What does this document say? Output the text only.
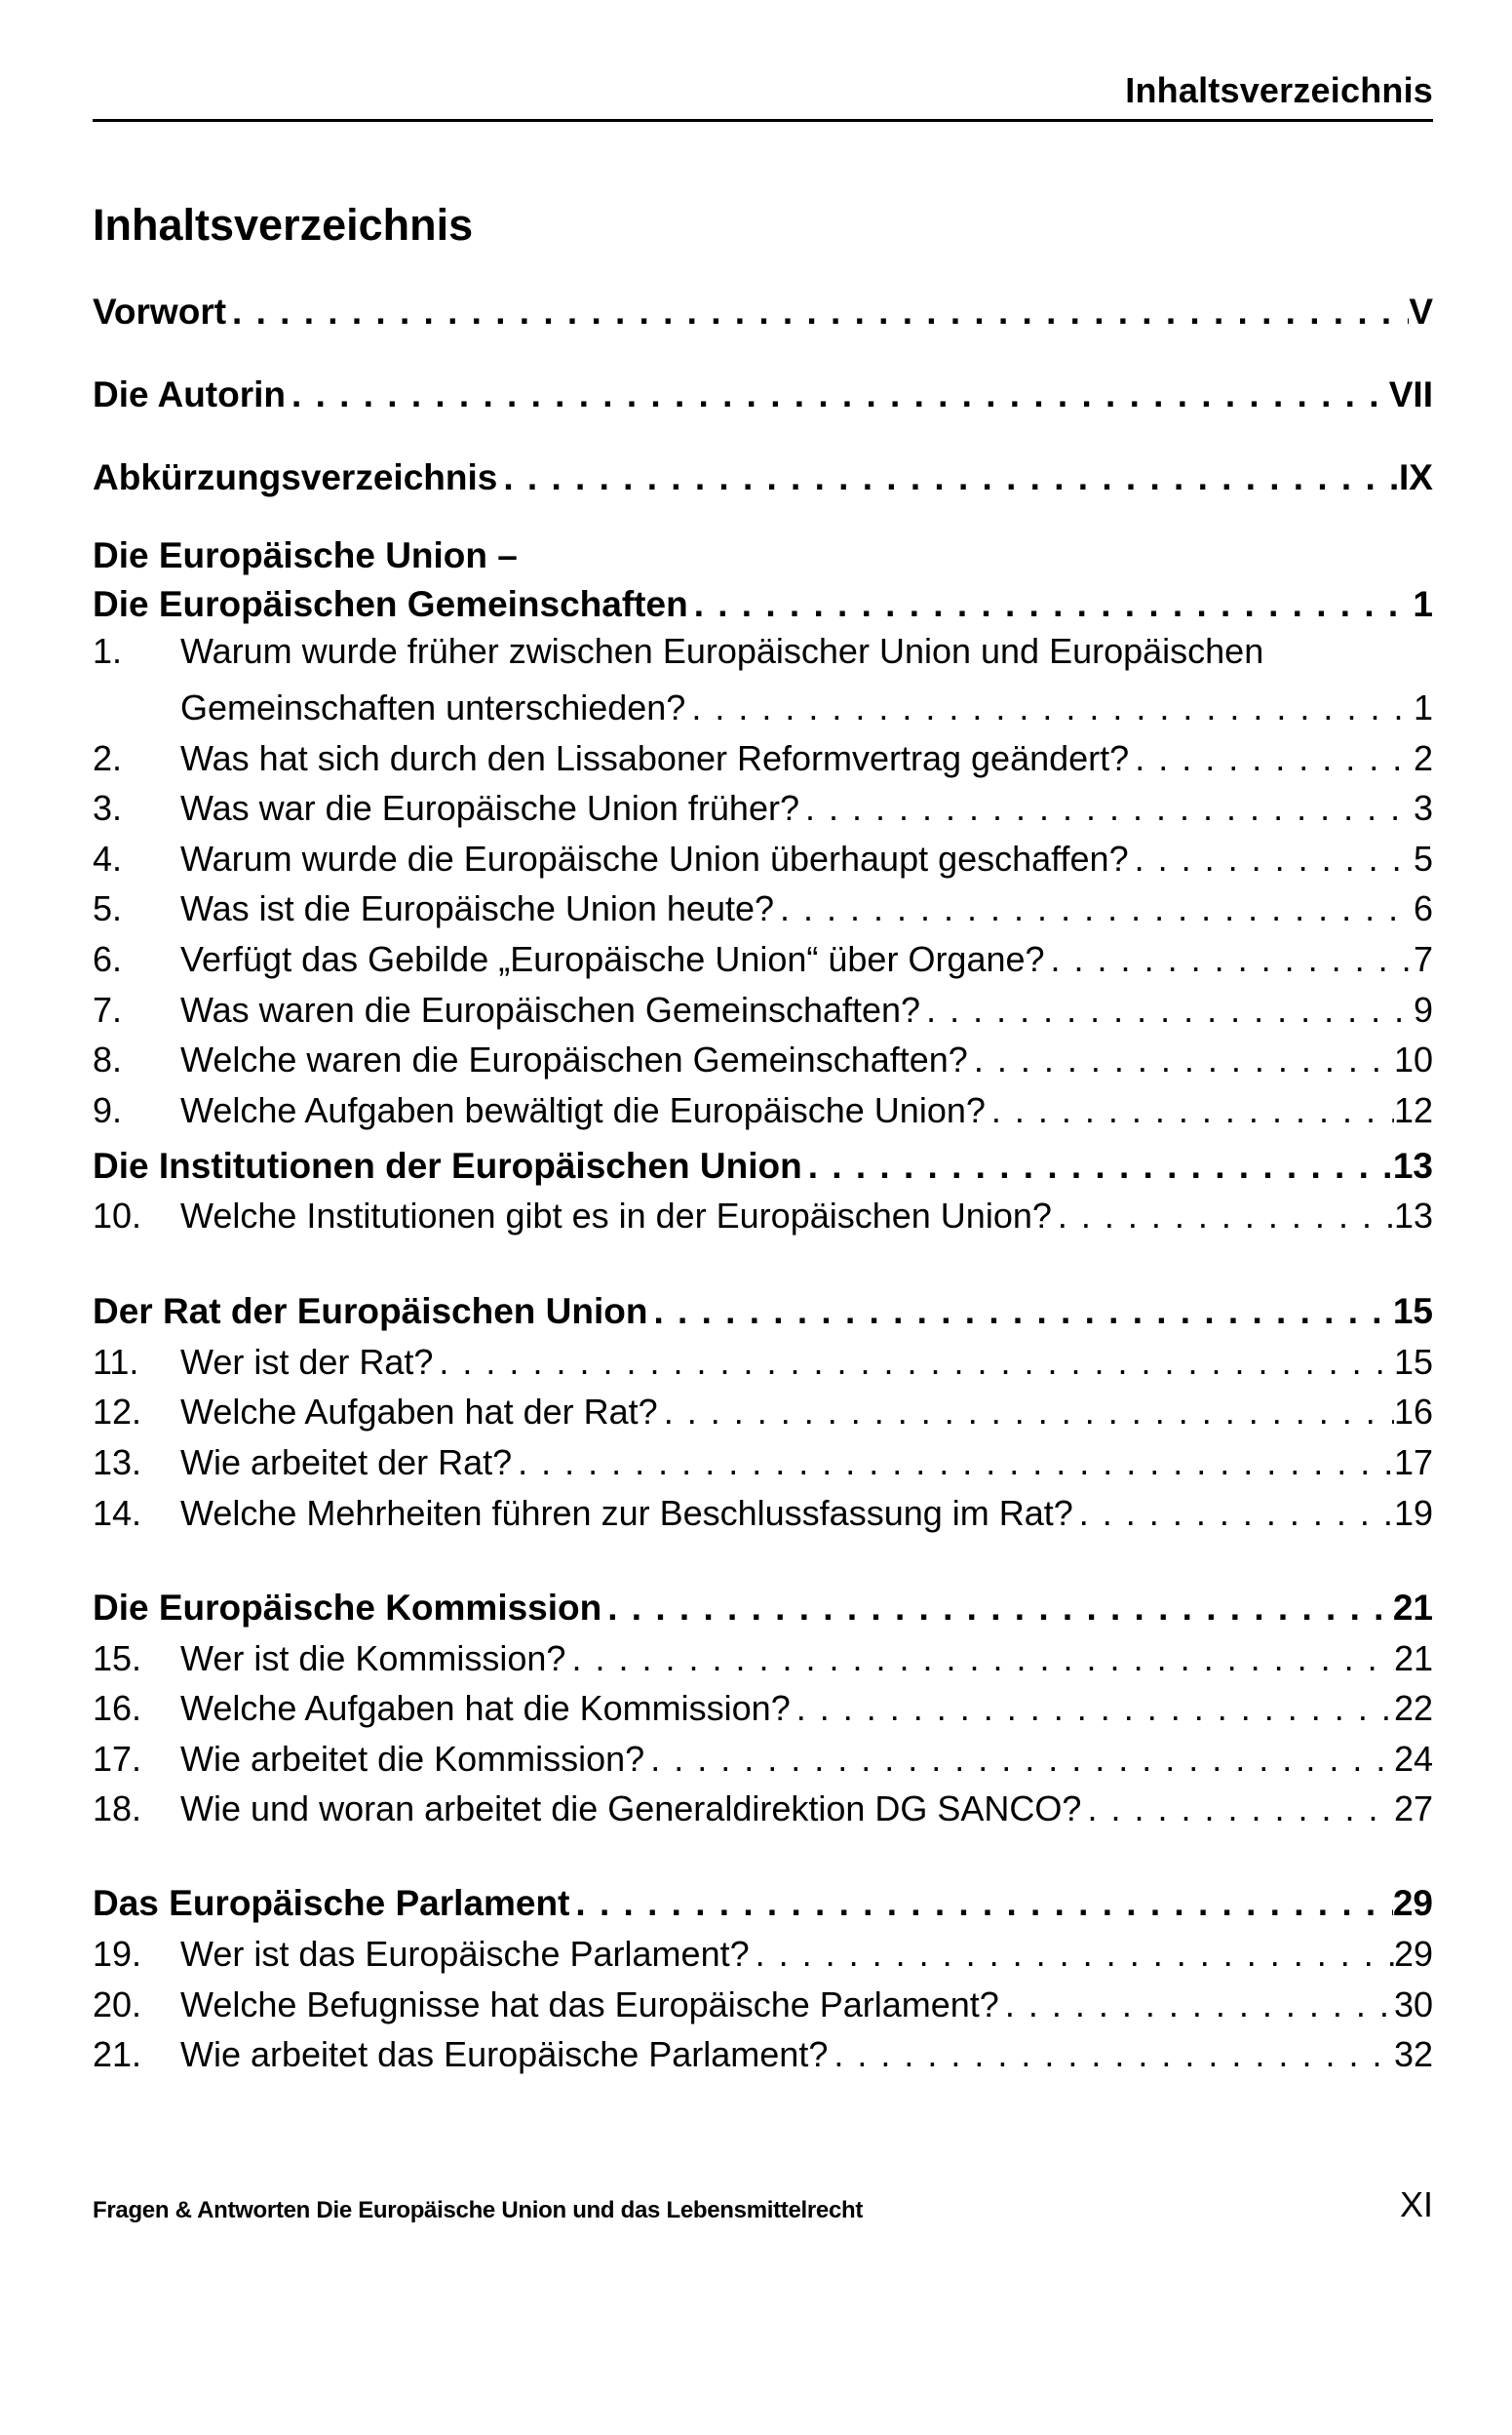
Inhaltsverzeichnis
Inhaltsverzeichnis
Vorwort . . .	V
Die Autorin . . .	VII
Abkürzungsverzeichnis . . .	IX
Die Europäische Union –
Die Europäischen Gemeinschaften . . .	1
1.	Warum wurde früher zwischen Europäischer Union und Europäischen
Gemeinschaften unterschieden? . . .	1
2.	Was hat sich durch den Lissaboner Reformvertrag geändert? . . .	2
3.	Was war die Europäische Union früher? . . .	3
4.	Warum wurde die Europäische Union überhaupt geschaffen? . . .	5
5.	Was ist die Europäische Union heute? . . .	6
6.	Verfügt das Gebilde „Europäische Union“ über Organe? . . .	7
7.	Was waren die Europäischen Gemeinschaften? . . .	9
8.	Welche waren die Europäischen Gemeinschaften? . . .	10
9.	Welche Aufgaben bewältigt die Europäische Union? . . .	12
Die Institutionen der Europäischen Union . . .	13
10.	Welche Institutionen gibt es in der Europäischen Union? . . .	13
Der Rat der Europäischen Union . . .	15
11.	Wer ist der Rat? . . .	15
12.	Welche Aufgaben hat der Rat? . . .	16
13.	Wie arbeitet der Rat? . . .	17
14.	Welche Mehrheiten führen zur Beschlussfassung im Rat? . . .	19
Die Europäische Kommission . . .	21
15.	Wer ist die Kommission? . . .	21
16.	Welche Aufgaben hat die Kommission? . . .	22
17.	Wie arbeitet die Kommission? . . .	24
18.	Wie und woran arbeitet die Generaldirektion DG SANCO? . . .	27
Das Europäische Parlament . . .	29
19.	Wer ist das Europäische Parlament? . . .	29
20.	Welche Befugnisse hat das Europäische Parlament? . . .	30
21.	Wie arbeitet das Europäische Parlament? . . .	32
Fragen & Antworten Die Europäische Union und das Lebensmittelrecht	XI
